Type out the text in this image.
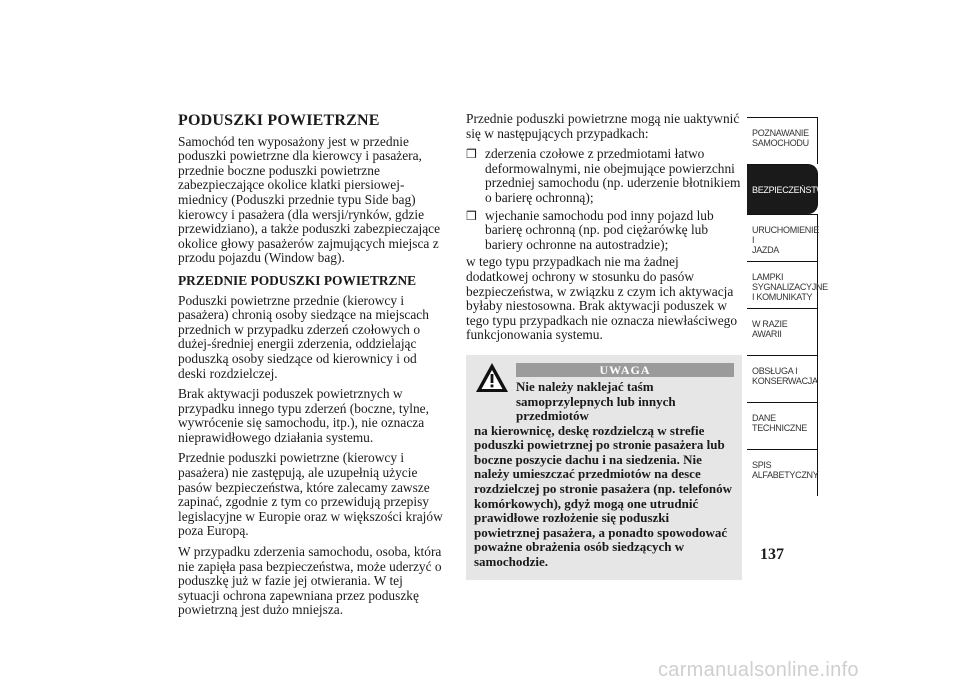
PODUSZKI POWIETRZNE

Samochód ten wyposażony jest w przednie poduszki powietrzne dla kierowcy i pasażera, przednie boczne poduszki powietrzne zabezpieczające okolice klatki piersiowej-miednicy (Poduszki przednie typu Side bag) kierowcy i pasażera (dla wersji/rynków, gdzie przewidziano), a także poduszki zabezpieczające okolice głowy pasażerów zajmujących miejsca z przodu pojazdu (Window bag).

PRZEDNIE PODUSZKI POWIETRZNE

Poduszki powietrzne przednie (kierowcy i pasażera) chronią osoby siedzące na miejscach przednich w przypadku zderzeń czołowych o dużej-średniej energii zderzenia, oddzielając poduszką osoby siedzące od kierownicy i od deski rozdzielczej.

Brak aktywacji poduszek powietrznych w przypadku innego typu zderzeń (boczne, tylne, wywrócenie się samochodu, itp.), nie oznacza nieprawidłowego działania systemu.

Przednie poduszki powietrzne (kierowcy i pasażera) nie zastępują, ale uzupełnią użycie pasów bezpieczeństwa, które zalecamy zawsze zapinać, zgodnie z tym co przewidują przepisy legislacyjne w Europie oraz w większości krajów poza Europą.

W przypadku zderzenia samochodu, osoba, która nie zapięła pasa bezpieczeństwa, może uderzyć o poduszkę już w fazie jej otwierania. W tej sytuacji ochrona zapewniana przez poduszkę powietrzną jest dużo mniejsza.

Przednie poduszki powietrzne mogą nie uaktywnić się w następujących przypadkach:

❒ zderzenia czołowe z przedmiotami łatwo deformowalnymi, nie obejmujące powierzchni przedniej samochodu (np. uderzenie błotnikiem o barierę ochronną);
❒ wjechanie samochodu pod inny pojazd lub barierę ochronną (np. pod ciężarówkę lub bariery ochronne na autostradzie);

w tego typu przypadkach nie ma żadnej dodatkowej ochrony w stosunku do pasów bezpieczeństwa, w związku z czym ich aktywacja byłaby niestosowna. Brak aktywacji poduszek w tego typu przypadkach nie oznacza niewłaściwego funkcjonowania systemu.

UWAGA
Nie należy naklejać taśm samoprzylepnych lub innych przedmiotów
na kierownicę, deskę rozdzielczą w strefie poduszki powietrznej po stronie pasażera lub boczne poszycie dachu i na siedzenia. Nie należy umieszczać przedmiotów na desce rozdzielczej po stronie pasażera (np. telefonów komórkowych), gdyż mogą one utrudnić prawidłowe rozłożenie się poduszki powietrznej pasażera, a ponadto spowodować poważne obrażenia osób siedzących w samochodzie.
POZNAWANIE
SAMOCHODU
BEZPIECZEŃSTWO
URUCHOMIENIE I
JAZDA
LAMPKI
SYGNALIZACYJNE
I KOMUNIKATY
W RAZIE AWARII
OBSŁUGA I
KONSERWACJA
DANE
TECHNICZNE
SPIS
ALFABETYCZNY
137
carmanualsonline.info
